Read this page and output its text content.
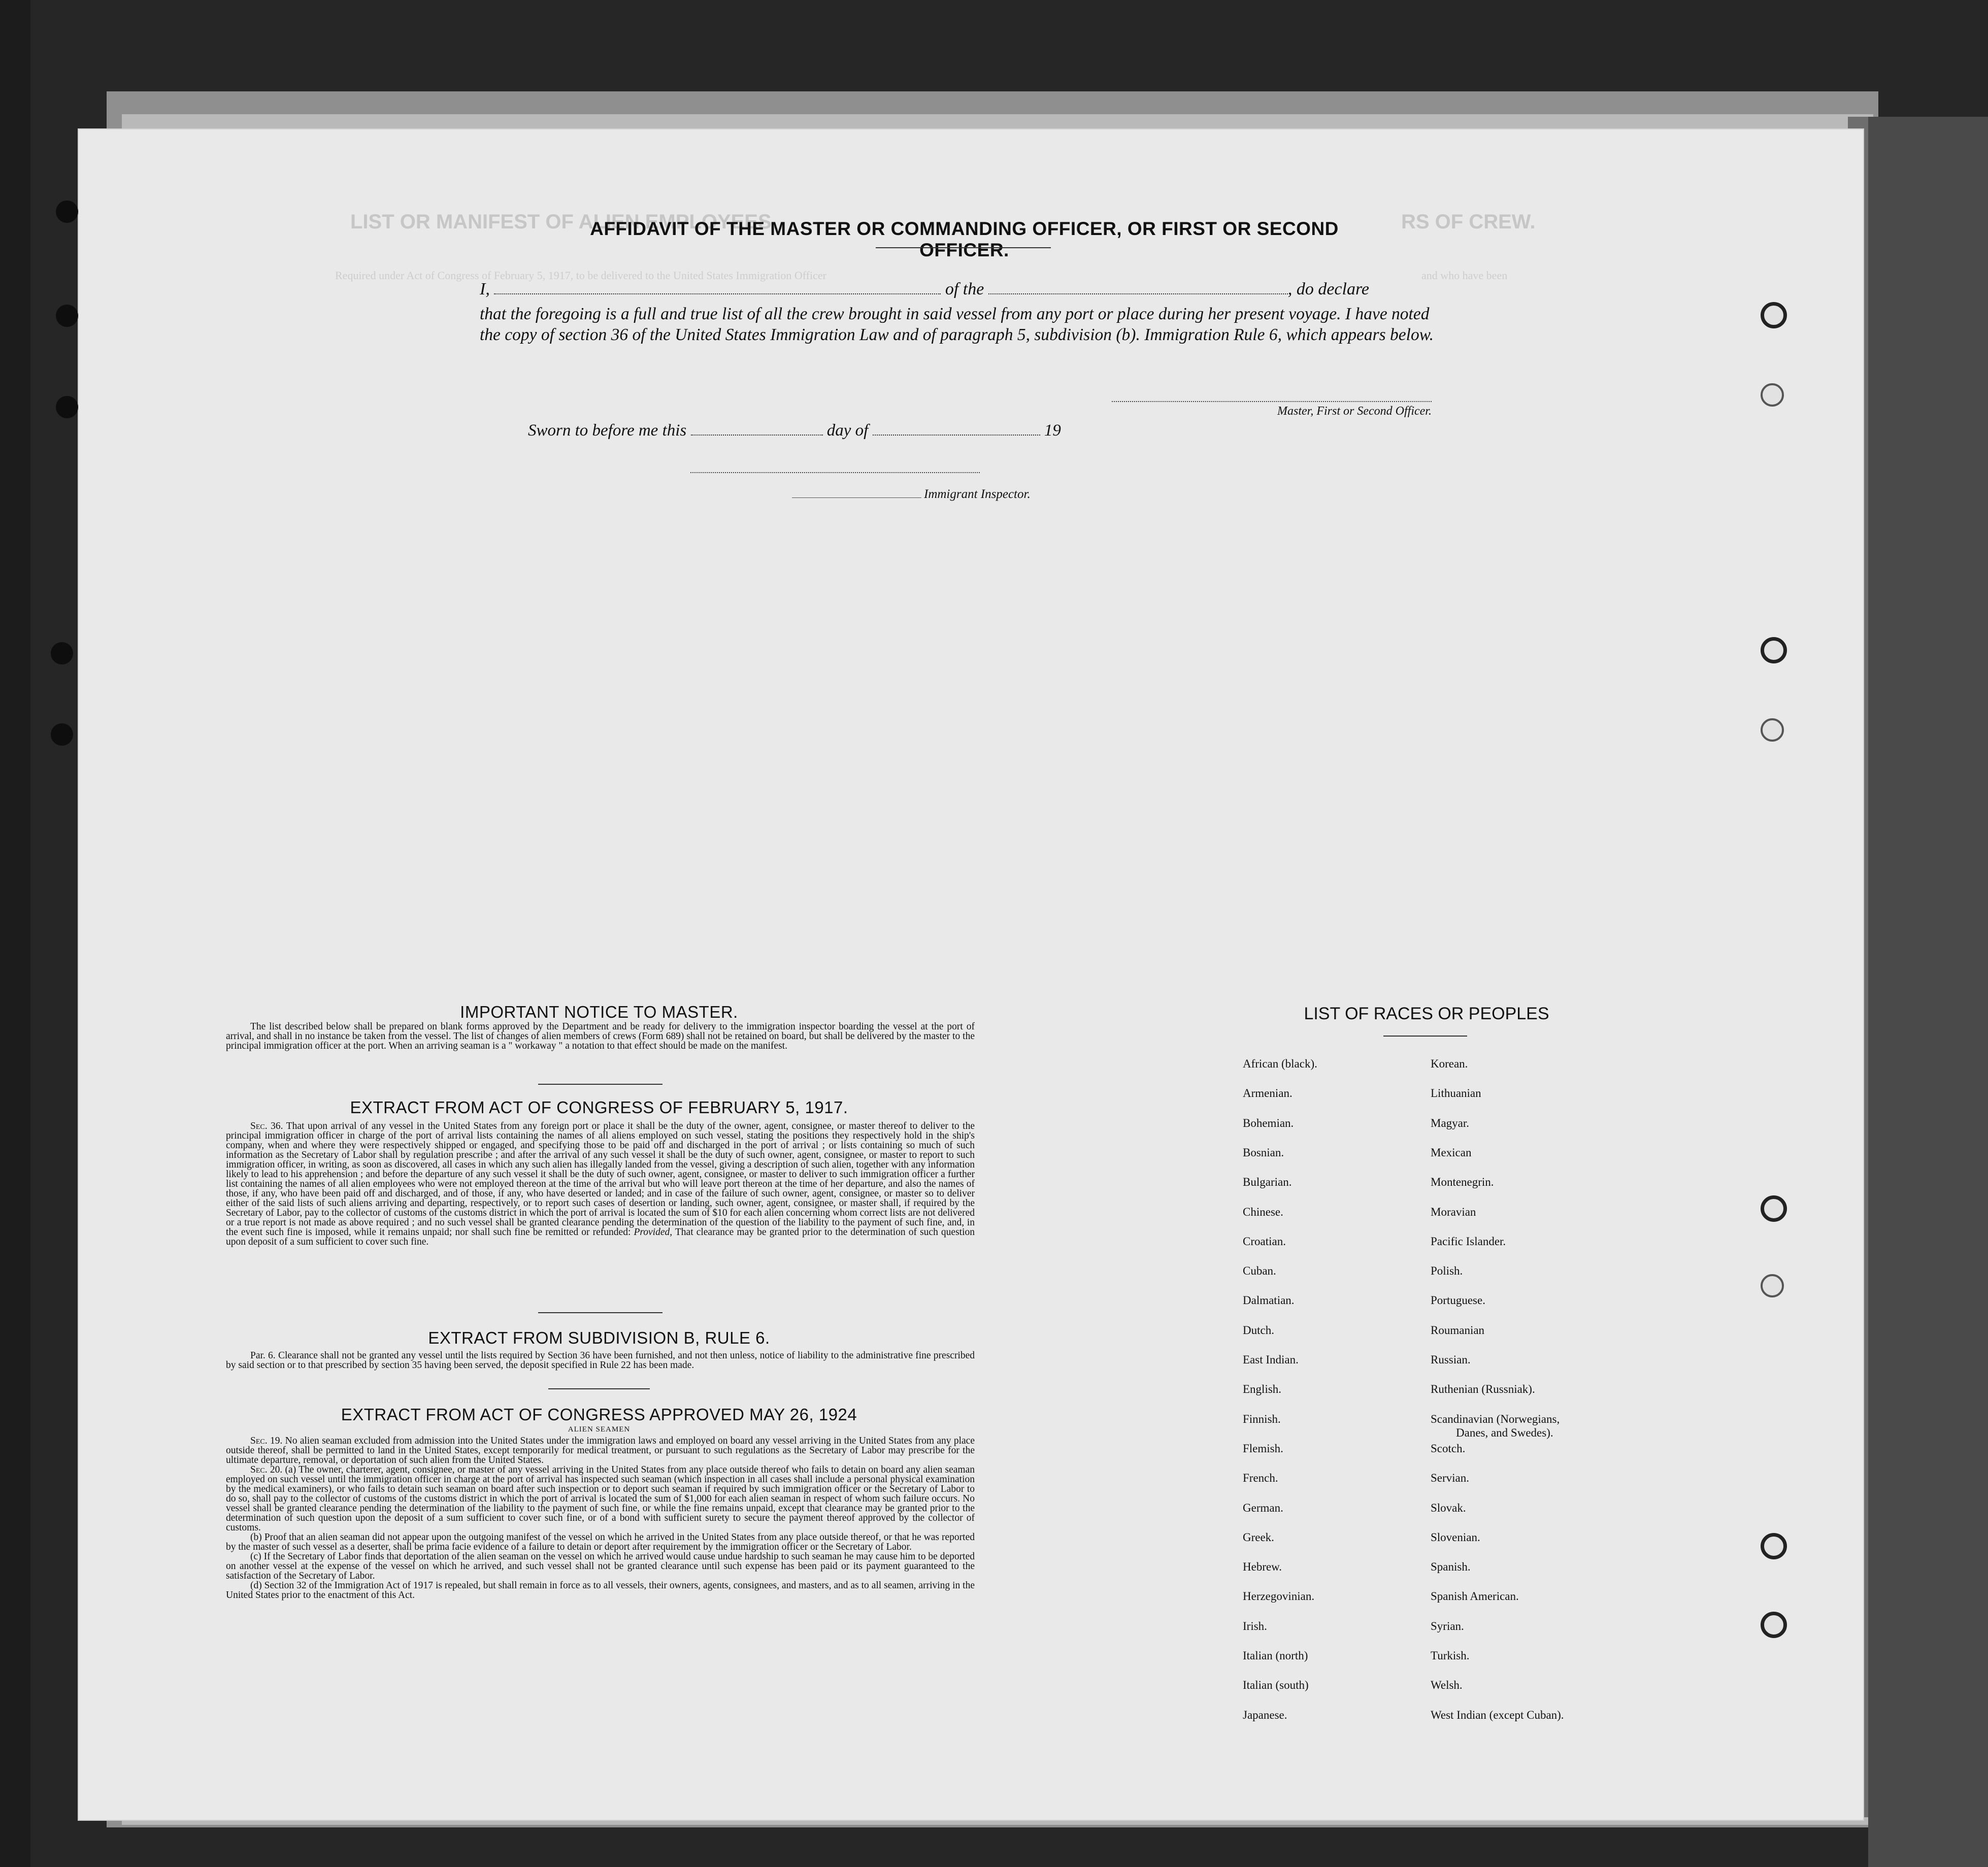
LIST OR MANIFEST OF ALIEN EMPLOYEES	RS OF CREW.
Required under Act of Congress of February 5, 1917, to be delivered to the United States Immigration Officer	and who have been
AFFIDAVIT OF THE MASTER OR COMMANDING OFFICER, OR FIRST OR SECOND OFFICER.
I,	of the	, do declare
that the foregoing is a full and true list of all the crew brought in said vessel from any port or place during her present voyage. I have noted the copy of section 36 of the United States Immigration Law and of paragraph 5, subdivision (b). Immigration Rule 6, which appears below.
Master, First or Second Officer.
Sworn to before me this	day of	19
Immigrant Inspector.
IMPORTANT NOTICE TO MASTER.
The list described below shall be prepared on blank forms approved by the Department and be ready for delivery to the immigration inspector boarding the vessel at the port of arrival, and shall in no instance be taken from the vessel. The list of changes of alien members of crews (Form 689) shall not be retained on board, but shall be delivered by the master to the principal immigration officer at the port. When an arriving seaman is a " workaway " a notation to that effect should be made on the manifest.
EXTRACT FROM ACT OF CONGRESS OF FEBRUARY 5, 1917.
Sec. 36. That upon arrival of any vessel in the United States from any foreign port or place it shall be the duty of the owner, agent, consignee, or master thereof to deliver to the principal immigration officer in charge of the port of arrival lists containing the names of all aliens employed on such vessel, stating the positions they respectively hold in the ship's company, when and where they were respectively shipped or engaged, and specifying those to be paid off and discharged in the port of arrival ; or lists containing so much of such information as the Secretary of Labor shall by regulation prescribe ; and after the arrival of any such vessel it shall be the duty of such owner, agent, consignee, or master to report to such immigration officer, in writing, as soon as discovered, all cases in which any such alien has illegally landed from the vessel, giving a description of such alien, together with any information likely to lead to his apprehension ; and before the departure of any such vessel it shall be the duty of such owner, agent, consignee, or master to deliver to such immigration officer a further list containing the names of all alien employees who were not employed thereon at the time of the arrival but who will leave port thereon at the time of her departure, and also the names of those, if any, who have been paid off and discharged, and of those, if any, who have deserted or landed; and in case of the failure of such owner, agent, consignee, or master so to deliver either of the said lists of such aliens arriving and departing, respectively, or to report such cases of desertion or landing, such owner, agent, consignee, or master shall, if required by the Secretary of Labor, pay to the collector of customs of the customs district in which the port of arrival is located the sum of $10 for each alien concerning whom correct lists are not delivered or a true report is not made as above required ; and no such vessel shall be granted clearance pending the determination of the question of the liability to the payment of such fine, and, in the event such fine is imposed, while it remains unpaid; nor shall such fine be remitted or refunded: Provided, That clearance may be granted prior to the determination of such question upon deposit of a sum sufficient to cover such fine.
EXTRACT FROM SUBDIVISION B, RULE 6.
Par. 6. Clearance shall not be granted any vessel until the lists required by Section 36 have been furnished, and not then unless, notice of liability to the administrative fine prescribed by said section or to that prescribed by section 35 having been served, the deposit specified in Rule 22 has been made.
EXTRACT FROM ACT OF CONGRESS APPROVED MAY 26, 1924
ALIEN SEAMEN

Sec. 19. No alien seaman excluded from admission into the United States under the immigration laws and employed on board any vessel arriving in the United States from any place outside thereof, shall be permitted to land in the United States, except temporarily for medical treatment, or pursuant to such regulations as the Secretary of Labor may prescribe for the ultimate departure, removal, or deportation of such alien from the United States.

Sec. 20. (a) The owner, charterer, agent, consignee, or master of any vessel arriving in the United States from any place outside thereof who fails to detain on board any alien seaman employed on such vessel until the immigration officer in charge at the port of arrival has inspected such seaman (which inspection in all cases shall include a personal physical examination by the medical examiners), or who fails to detain such seaman on board after such inspection or to deport such seaman if required by such immigration officer or the Secretary of Labor to do so, shall pay to the collector of customs of the customs district in which the port of arrival is located the sum of $1,000 for each alien seaman in respect of whom such failure occurs. No vessel shall be granted clearance pending the determination of the liability to the payment of such fine, or while the fine remains unpaid, except that clearance may be granted prior to the determination of such question upon the deposit of a sum sufficient to cover such fine, or of a bond with sufficient surety to secure the payment thereof approved by the collector of customs.

(b) Proof that an alien seaman did not appear upon the outgoing manifest of the vessel on which he arrived in the United States from any place outside thereof, or that he was reported by the master of such vessel as a deserter, shall be prima facie evidence of a failure to detain or deport after requirement by the immigration officer or the Secretary of Labor.

(c) If the Secretary of Labor finds that deportation of the alien seaman on the vessel on which he arrived would cause undue hardship to such seaman he may cause him to be deported on another vessel at the expense of the vessel on which he arrived, and such vessel shall not be granted clearance until such expense has been paid or its payment guaranteed to the satisfaction of the Secretary of Labor.

(d) Section 32 of the Immigration Act of 1917 is repealed, but shall remain in force as to all vessels, their owners, agents, consignees, and masters, and as to all seamen, arriving in the United States prior to the enactment of this Act.

LIST OF RACES OR PEOPLES
African (black).
Armenian.
Bohemian.
Bosnian.
Bulgarian.
Chinese.
Croatian.
Cuban.
Dalmatian.
Dutch.
East Indian.
English.
Finnish.
Flemish.
French.
German.
Greek.
Hebrew.
Herzegovinian.
Irish.
Italian (north)
Italian (south)
Japanese.
Korean.
Lithuanian
Magyar.
Mexican
Montenegrin.
Moravian
Pacific Islander.
Polish.
Portuguese.
Roumanian
Russian.
Ruthenian (Russniak).
Scandinavian (Norwegians,
Scotch.
Servian.
Slovak.
Slovenian.
Spanish.
Spanish American.
Syrian.
Turkish.
Welsh.
West Indian (except Cuban).
Danes, and Swedes).
